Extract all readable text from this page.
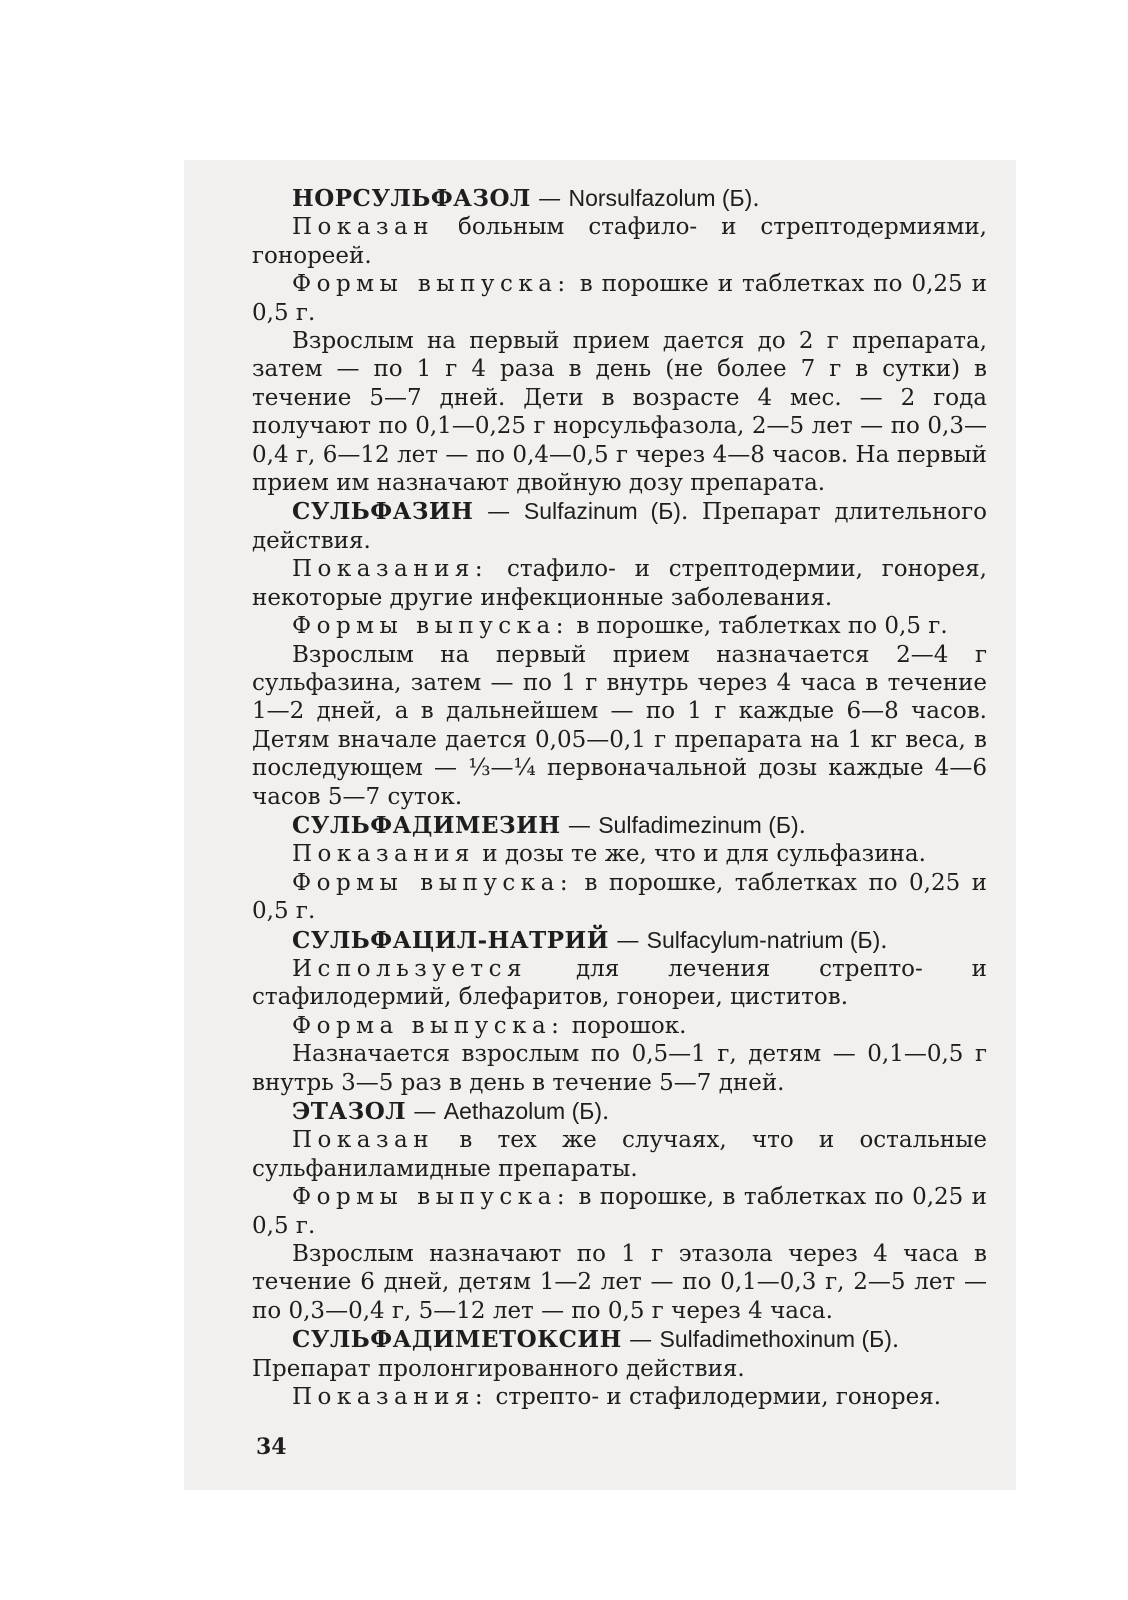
НОРСУЛЬФАЗОЛ — Norsulfazolum (Б).

Показан больным стафило- и стрептодермиями, гонореей.

Формы выпуска: в порошке и таблетках по 0,25 и 0,5 г.

Взрослым на первый прием дается до 2 г препарата, затем — по 1 г 4 раза в день (не более 7 г в сутки) в течение 5—7 дней. Дети в возрасте 4 мес. — 2 года получают по 0,1—0,25 г норсульфазола, 2—5 лет — по 0,3—0,4 г, 6—12 лет — по 0,4—0,5 г через 4—8 часов. На первый прием им назначают двойную дозу препарата.

СУЛЬФАЗИН — Sulfazinum (Б). Препарат длительного действия.

Показания: стафило- и стрептодермии, гонорея, некоторые другие инфекционные заболевания.

Формы выпуска: в порошке, таблетках по 0,5 г.

Взрослым на первый прием назначается 2—4 г сульфазина, затем — по 1 г внутрь через 4 часа в течение 1—2 дней, а в дальнейшем — по 1 г каждые 6—8 часов. Детям вначале дается 0,05—0,1 г препарата на 1 кг веса, в последующем — ⅓—¼ первоначальной дозы каждые 4—6 часов 5—7 суток.

СУЛЬФАДИМЕЗИН — Sulfadimezinum (Б).

Показания и дозы те же, что и для сульфазина.

Формы выпуска: в порошке, таблетках по 0,25 и 0,5 г.

СУЛЬФАЦИЛ-НАТРИЙ — Sulfacylum-natrium (Б).

Используется для лечения стрепто- и стафилодермий, блефаритов, гонореи, циститов.

Форма выпуска: порошок.

Назначается взрослым по 0,5—1 г, детям — 0,1—0,5 г внутрь 3—5 раз в день в течение 5—7 дней.

ЭТАЗОЛ — Aethazolum (Б).

Показан в тех же случаях, что и остальные сульфаниламидные препараты.

Формы выпуска: в порошке, в таблетках по 0,25 и 0,5 г.

Взрослым назначают по 1 г этазола через 4 часа в течение 6 дней, детям 1—2 лет — по 0,1—0,3 г, 2—5 лет — по 0,3—0,4 г, 5—12 лет — по 0,5 г через 4 часа.

СУЛЬФАДИМЕТОКСИН — Sulfadimethoxinum (Б).

Препарат пролонгированного действия.

Показания: стрепто- и стафилодермии, гонорея.

34
